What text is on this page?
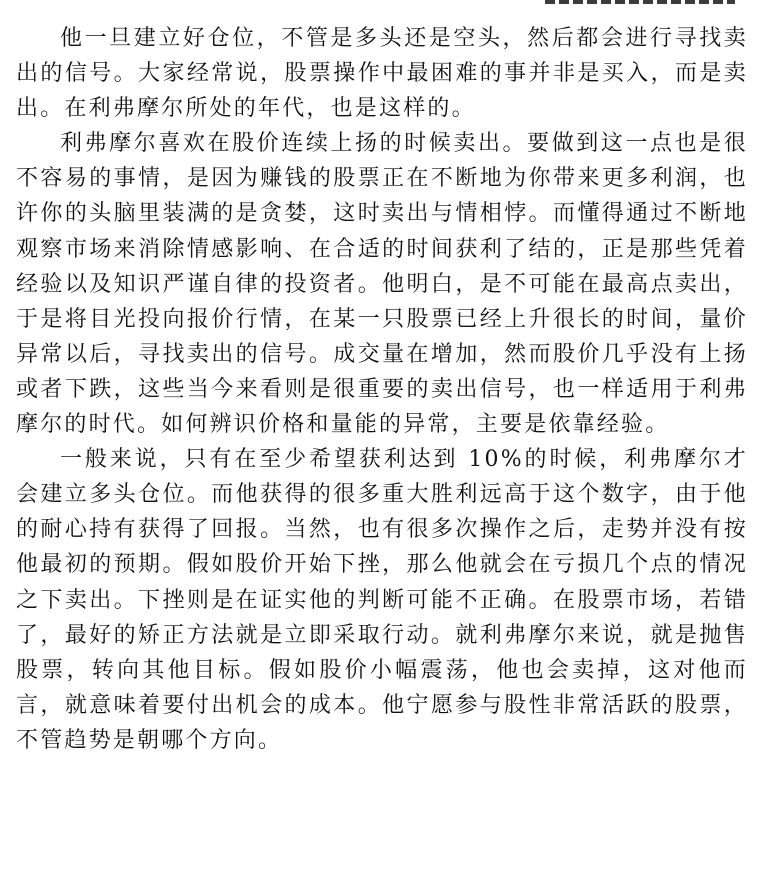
他一旦建立好仓位，不管是多头还是空头，然后都会进行寻找卖出的信号。大家经常说，股票操作中最困难的事并非是买入，而是卖出。在利弗摩尔所处的年代，也是这样的。

利弗摩尔喜欢在股价连续上扬的时候卖出。要做到这一点也是很不容易的事情，是因为赚钱的股票正在不断地为你带来更多利润，也许你的头脑里装满的是贪婪，这时卖出与情相悖。而懂得通过不断地观察市场来消除情感影响、在合适的时间获利了结的，正是那些凭着经验以及知识严谨自律的投资者。他明白，是不可能在最高点卖出，于是将目光投向报价行情，在某一只股票已经上升很长的时间，量价异常以后，寻找卖出的信号。成交量在增加，然而股价几乎没有上扬或者下跌，这些当今来看则是很重要的卖出信号，也一样适用于利弗摩尔的时代。如何辨识价格和量能的异常，主要是依靠经验。

一般来说，只有在至少希望获利达到 10%的时候，利弗摩尔才会建立多头仓位。而他获得的很多重大胜利远高于这个数字，由于他的耐心持有获得了回报。当然，也有很多次操作之后，走势并没有按他最初的预期。假如股价开始下挫，那么他就会在亏损几个点的情况之下卖出。下挫则是在证实他的判断可能不正确。在股票市场，若错了，最好的矫正方法就是立即采取行动。就利弗摩尔来说，就是抛售股票，转向其他目标。假如股价小幅震荡，他也会卖掉，这对他而言，就意味着要付出机会的成本。他宁愿参与股性非常活跃的股票，不管趋势是朝哪个方向。
